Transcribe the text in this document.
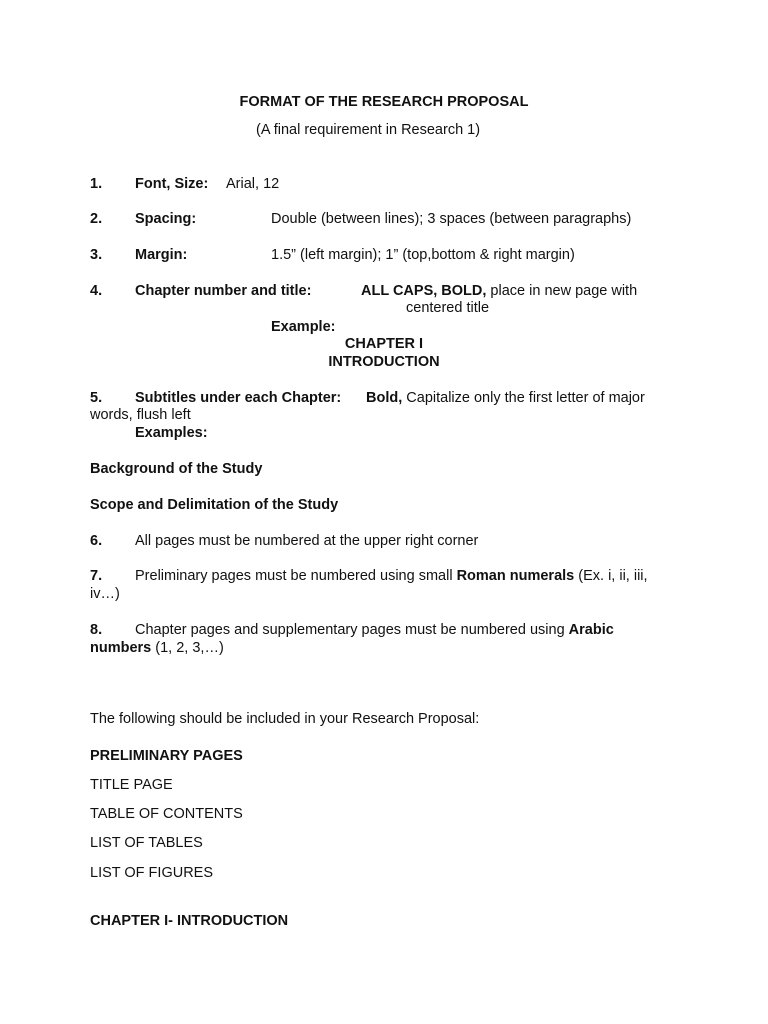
FORMAT OF THE RESEARCH PROPOSAL
(A final requirement in Research 1)
1. Font, Size: Arial, 12
2. Spacing:	Double (between lines); 3 spaces (between paragraphs)
3. Margin:	1.5” (left margin); 1” (top,bottom & right margin)
4. Chapter number and title:	ALL CAPS, BOLD, place in new page with
centered title
Example:
CHAPTER I
INTRODUCTION
5. Subtitles under each Chapter: Bold, Capitalize only the first letter of major
words, flush left
Examples:
Background of the Study
Scope and Delimitation of the Study
6. All pages must be numbered at the upper right corner
7. Preliminary pages must be numbered using small Roman numerals (Ex. i, ii, iii,
iv…)
8. Chapter pages and supplementary pages must be numbered using Arabic
numbers (1, 2, 3,…)
The following should be included in your Research Proposal:
PRELIMINARY PAGES
TITLE PAGE
TABLE OF CONTENTS
LIST OF TABLES
LIST OF FIGURES
CHAPTER I- INTRODUCTION
